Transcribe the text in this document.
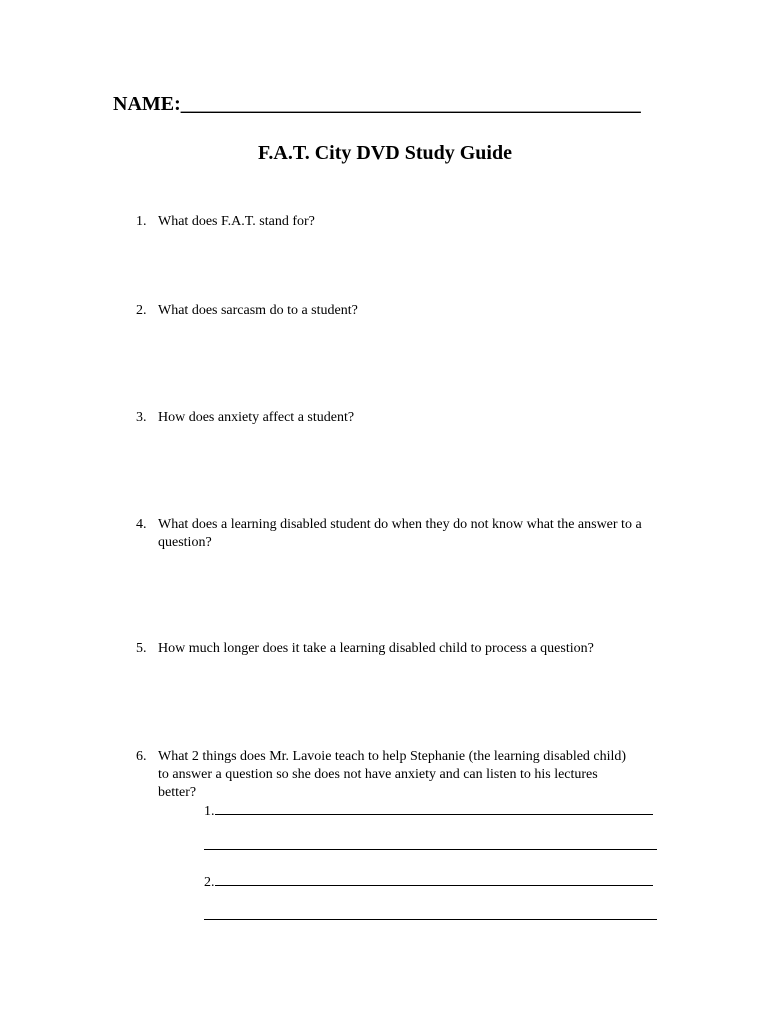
NAME:______________________________________________
F.A.T. City DVD Study Guide
1. What does F.A.T. stand for?
2. What does sarcasm do to a student?
3. How does anxiety affect a student?
4. What does a learning disabled student do when they do not know what the answer to a question?
5. How much longer does it take a learning disabled child to process a question?
6. What 2 things does Mr. Lavoie teach to help Stephanie (the learning disabled child) to answer a question so she does not have anxiety and can listen to his lectures better?
1.
2.
